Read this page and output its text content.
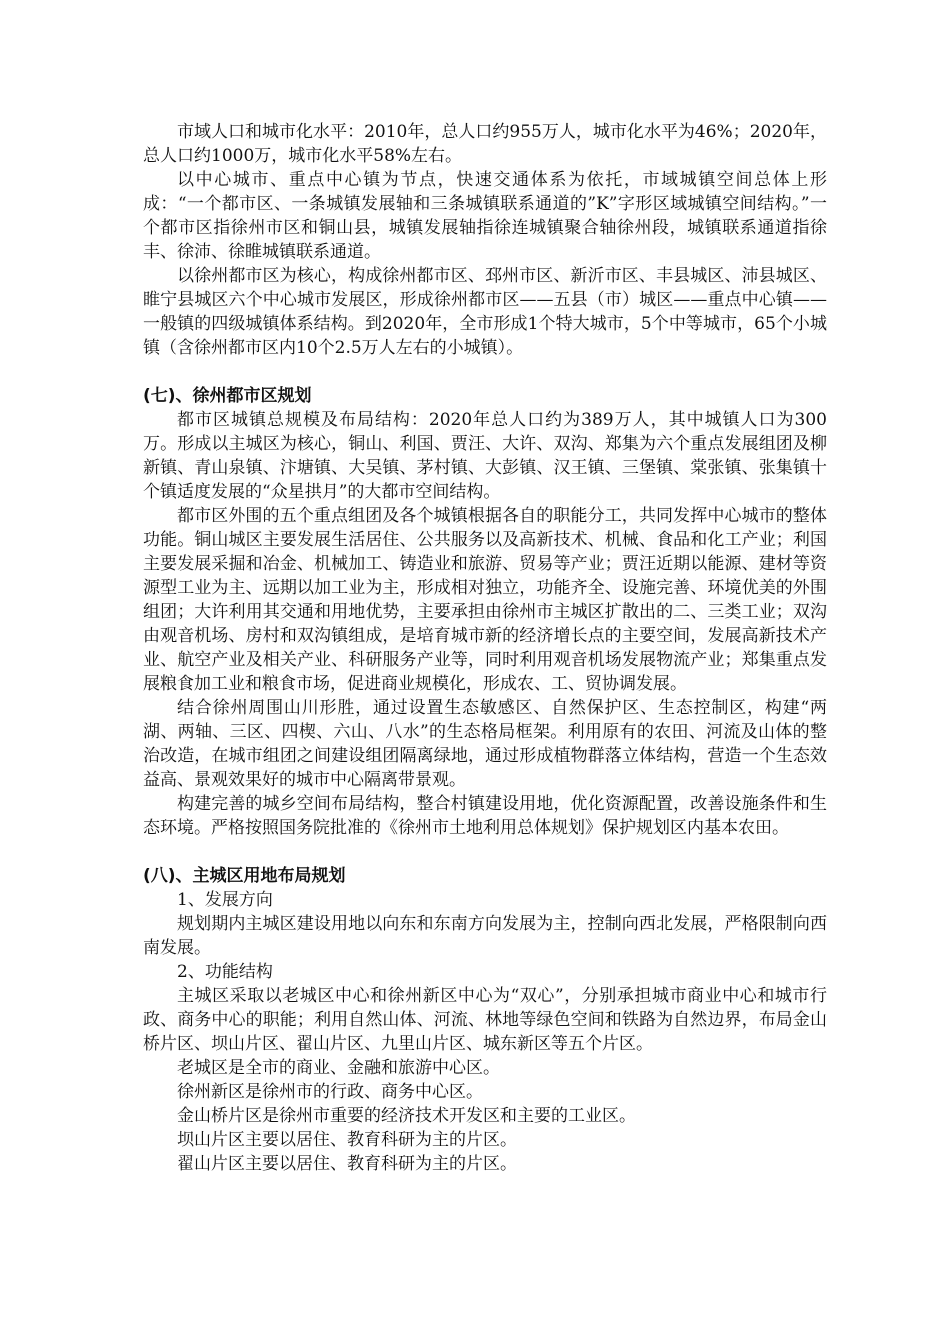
市域人口和城市化水平：2010年，总人口约955万人，城市化水平为46%；2020年，总人口约1000万，城市化水平58%左右。

以中心城市、重点中心镇为节点，快速交通体系为依托，市域城镇空间总体上形成：“一个都市区、一条城镇发展轴和三条城镇联系通道的”K”字形区域城镇空间结构。”一个都市区指徐州市区和铜山县，城镇发展轴指徐连城镇聚合轴徐州段，城镇联系通道指徐丰、徐沛、徐睢城镇联系通道。

以徐州都市区为核心，构成徐州都市区、邳州市区、新沂市区、丰县城区、沛县城区、睢宁县城区六个中心城市发展区，形成徐州都市区——五县（市）城区——重点中心镇——一般镇的四级城镇体系结构。到2020年，全市形成1个特大城市，5个中等城市，65个小城镇（含徐州都市区内10个2.5万人左右的小城镇）。

(七)、徐州都市区规划

都市区城镇总规模及布局结构：2020年总人口约为389万人，其中城镇人口为300万。形成以主城区为核心，铜山、利国、贾汪、大许、双沟、郑集为六个重点发展组团及柳新镇、青山泉镇、汴塘镇、大吴镇、茅村镇、大彭镇、汉王镇、三堡镇、棠张镇、张集镇十个镇适度发展的“众星拱月”的大都市空间结构。

都市区外围的五个重点组团及各个城镇根据各自的职能分工，共同发挥中心城市的整体功能。铜山城区主要发展生活居住、公共服务以及高新技术、机械、食品和化工产业；利国主要发展采掘和冶金、机械加工、铸造业和旅游、贸易等产业；贾汪近期以能源、建材等资源型工业为主、远期以加工业为主，形成相对独立，功能齐全、设施完善、环境优美的外围组团；大许利用其交通和用地优势，主要承担由徐州市主城区扩散出的二、三类工业；双沟由观音机场、房村和双沟镇组成，是培育城市新的经济增长点的主要空间，发展高新技术产业、航空产业及相关产业、科研服务产业等，同时利用观音机场发展物流产业；郑集重点发展粮食加工业和粮食市场，促进商业规模化，形成农、工、贸协调发展。

结合徐州周围山川形胜，通过设置生态敏感区、自然保护区、生态控制区，构建“两湖、两轴、三区、四楔、六山、八水”的生态格局框架。利用原有的农田、河流及山体的整治改造，在城市组团之间建设组团隔离绿地，通过形成植物群落立体结构，营造一个生态效益高、景观效果好的城市中心隔离带景观。

构建完善的城乡空间布局结构，整合村镇建设用地，优化资源配置，改善设施条件和生态环境。严格按照国务院批准的《徐州市土地利用总体规划》保护规划区内基本农田。

(八)、主城区用地布局规划

1、发展方向

规划期内主城区建设用地以向东和东南方向发展为主，控制向西北发展，严格限制向西南发展。

2、功能结构

主城区采取以老城区中心和徐州新区中心为“双心”，分别承担城市商业中心和城市行政、商务中心的职能；利用自然山体、河流、林地等绿色空间和铁路为自然边界，布局金山桥片区、坝山片区、翟山片区、九里山片区、城东新区等五个片区。

老城区是全市的商业、金融和旅游中心区。

徐州新区是徐州市的行政、商务中心区。

金山桥片区是徐州市重要的经济技术开发区和主要的工业区。

坝山片区主要以居住、教育科研为主的片区。

翟山片区主要以居住、教育科研为主的片区。
